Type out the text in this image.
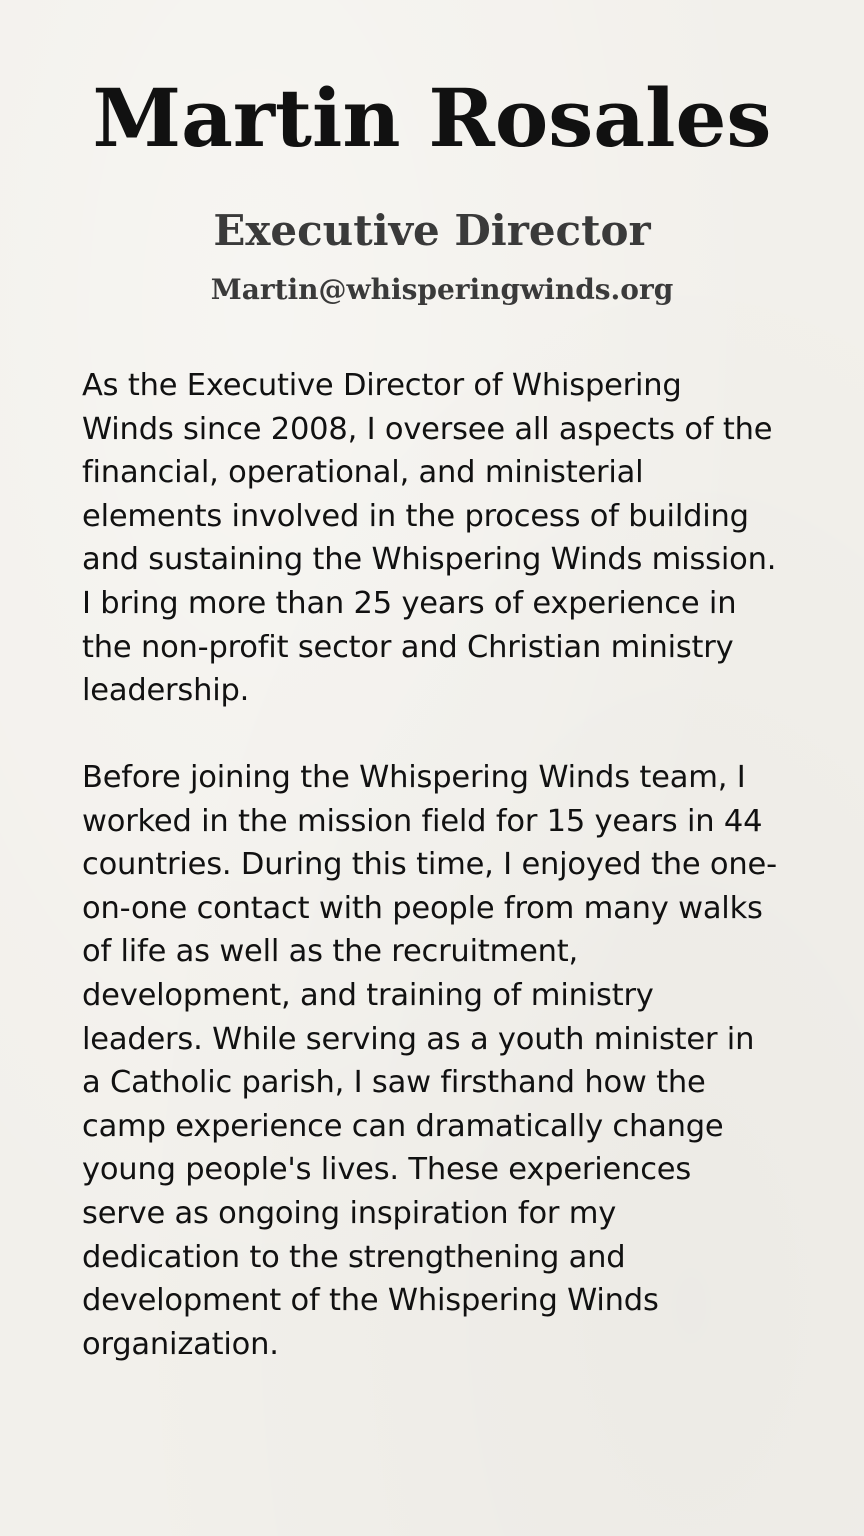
Martin Rosales
Executive Director
Martin@whisperingwinds.org

As the Executive Director of Whispering Winds since 2008, I oversee all aspects of the financial, operational, and ministerial elements involved in the process of building and sustaining the Whispering Winds mission. I bring more than 25 years of experience in the non-profit sector and Christian ministry leadership.

Before joining the Whispering Winds team, I worked in the mission field for 15 years in 44 countries. During this time, I enjoyed the one-on-one contact with people from many walks of life as well as the recruitment, development, and training of ministry leaders. While serving as a youth minister in a Catholic parish, I saw firsthand how the camp experience can dramatically change young people's lives. These experiences serve as ongoing inspiration for my dedication to the strengthening and development of the Whispering Winds organization.
